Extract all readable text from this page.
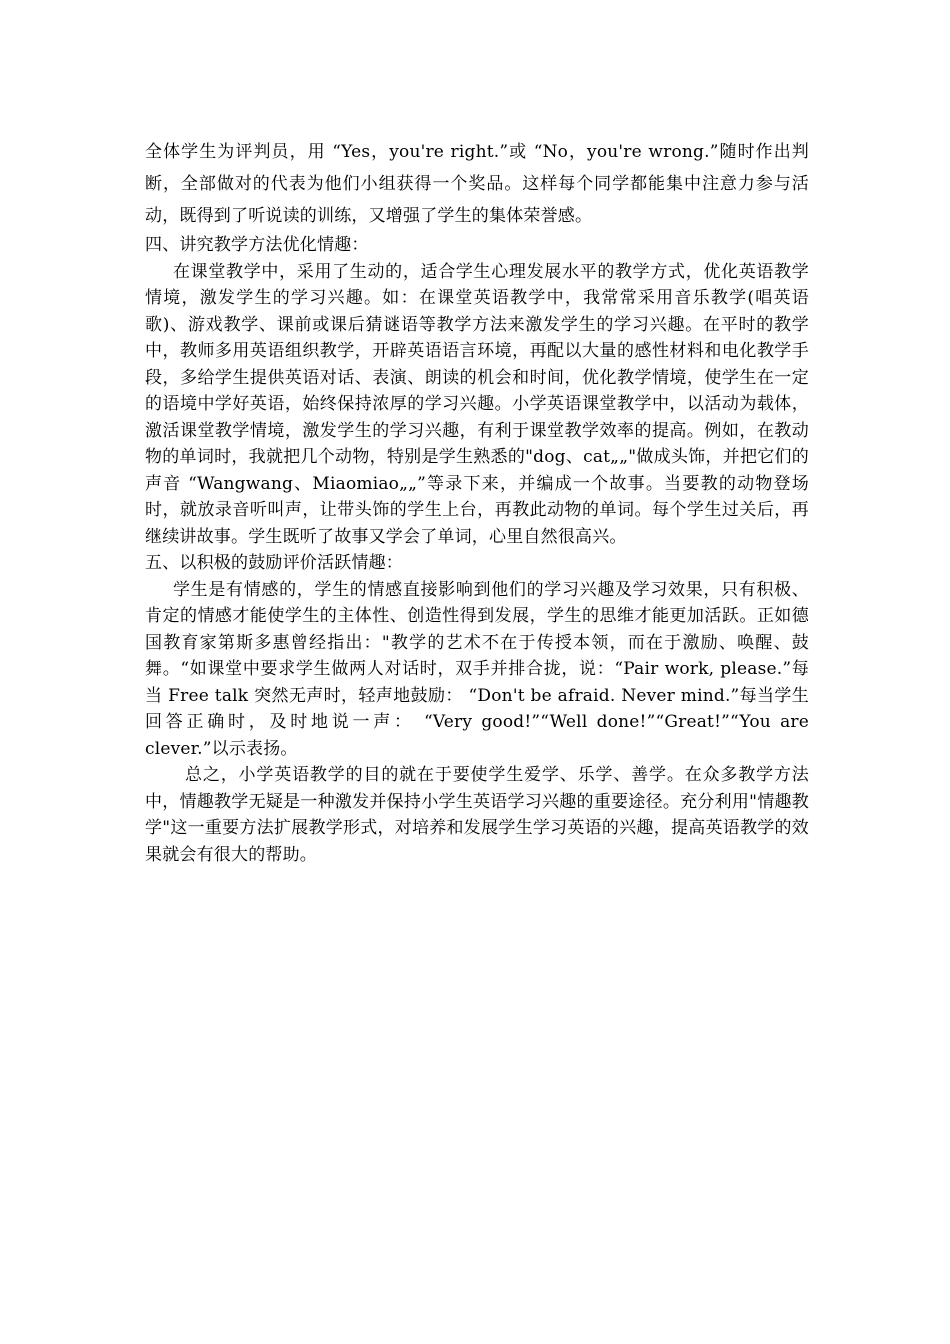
全体学生为评判员，用 “Yes，you're right.”或 “No，you're wrong.”随时作出判断，全部做对的代表为他们小组获得一个奖品。这样每个同学都能集中注意力参与活动，既得到了听说读的训练，又增强了学生的集体荣誉感。

四、讲究教学方法优化情趣：

在课堂教学中，采用了生动的，适合学生心理发展水平的教学方式，优化英语教学情境，激发学生的学习兴趣。如：在课堂英语教学中，我常常采用音乐教学(唱英语歌)、游戏教学、课前或课后猜谜语等教学方法来激发学生的学习兴趣。在平时的教学中，教师多用英语组织教学，开辟英语语言环境，再配以大量的感性材料和电化教学手段，多给学生提供英语对话、表演、朗读的机会和时间，优化教学情境，使学生在一定的语境中学好英语，始终保持浓厚的学习兴趣。小学英语课堂教学中，以活动为载体，激活课堂教学情境，激发学生的学习兴趣，有利于课堂教学效率的提高。例如，在教动物的单词时，我就把几个动物，特别是学生熟悉的"dog、cat„„"做成头饰，并把它们的声音 “Wangwang、Miaomiao„„”等录下来，并编成一个故事。当要教的动物登场时，就放录音听叫声，让带头饰的学生上台，再教此动物的单词。每个学生过关后，再继续讲故事。学生既听了故事又学会了单词，心里自然很高兴。

五、以积极的鼓励评价活跃情趣：

学生是有情感的，学生的情感直接影响到他们的学习兴趣及学习效果，只有积极、肯定的情感才能使学生的主体性、创造性得到发展，学生的思维才能更加活跃。正如德国教育家第斯多惠曾经指出："教学的艺术不在于传授本领，而在于激励、唤醒、鼓舞。“如课堂中要求学生做两人对话时，双手并排合拢，说：“Pair work, please.”每当 Free talk 突然无声时，轻声地鼓励： “Don't be afraid. Never mind.”每当学生回答正确时，及时地说一声： “Very good!”“Well done!”“Great!”“You are clever.”以示表扬。

总之，小学英语教学的目的就在于要使学生爱学、乐学、善学。在众多教学方法中，情趣教学无疑是一种激发并保持小学生英语学习兴趣的重要途径。充分利用"情趣教学"这一重要方法扩展教学形式，对培养和发展学生学习英语的兴趣，提高英语教学的效果就会有很大的帮助。
